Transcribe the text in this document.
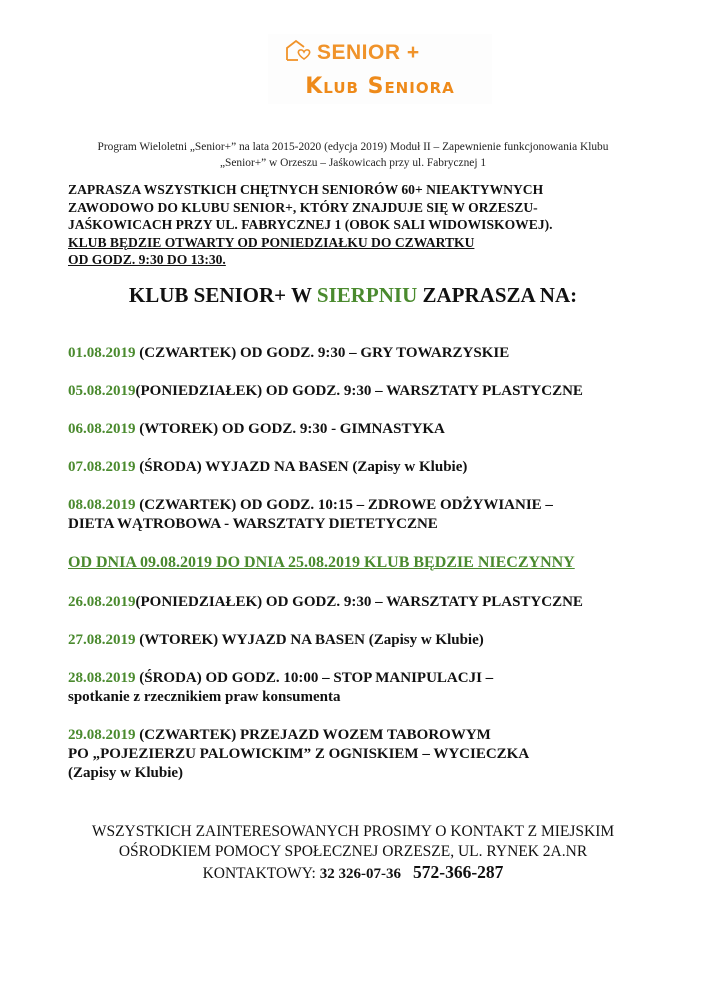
SENIOR +
Klub Seniora
Program Wieloletni „Senior+” na lata 2015-2020 (edycja 2019) Moduł II – Zapewnienie funkcjonowania Klubu
„Senior+” w Orzeszu – Jaśkowicach przy ul. Fabrycznej 1
ZAPRASZA WSZYSTKICH CHĘTNYCH SENIORÓW 60+ NIEAKTYWNYCH
ZAWODOWO DO KLUBU SENIOR+, KTÓRY ZNAJDUJE SIĘ W ORZESZU-
JAŚKOWICACH PRZY UL. FABRYCZNEJ 1 (OBOK SALI WIDOWISKOWEJ).
KLUB BĘDZIE OTWARTY OD PONIEDZIAŁKU DO CZWARTKU
OD GODZ. 9:30 DO 13:30.
KLUB SENIOR+ W SIERPNIU ZAPRASZA NA:
01.08.2019 (CZWARTEK) OD GODZ. 9:30 – GRY TOWARZYSKIE
05.08.2019(PONIEDZIAŁEK) OD GODZ. 9:30 – WARSZTATY PLASTYCZNE
06.08.2019 (WTOREK) OD GODZ. 9:30 - GIMNASTYKA
07.08.2019 (ŚRODA) WYJAZD NA BASEN (Zapisy w Klubie)
08.08.2019 (CZWARTEK) OD GODZ. 10:15 – ZDROWE ODŻYWIANIE –
DIETA WĄTROBOWA - WARSZTATY DIETETYCZNE
OD DNIA 09.08.2019 DO DNIA 25.08.2019 KLUB BĘDZIE NIECZYNNY
26.08.2019(PONIEDZIAŁEK) OD GODZ. 9:30 – WARSZTATY PLASTYCZNE
27.08.2019 (WTOREK) WYJAZD NA BASEN (Zapisy w Klubie)
28.08.2019 (ŚRODA) OD GODZ. 10:00 – STOP MANIPULACJI –
spotkanie z rzecznikiem praw konsumenta
29.08.2019 (CZWARTEK) PRZEJAZD WOZEM TABOROWYM
PO „POJEZIERZU PALOWICKIM” Z OGNISKIEM – WYCIECZKA
(Zapisy w Klubie)
WSZYSTKICH ZAINTERESOWANYCH PROSIMY O KONTAKT Z MIEJSKIM
OŚRODKIEM POMOCY SPOŁECZNEJ ORZESZE, UL. RYNEK 2A.NR
KONTAKTOWY: 32 326-07-36 572-366-287
